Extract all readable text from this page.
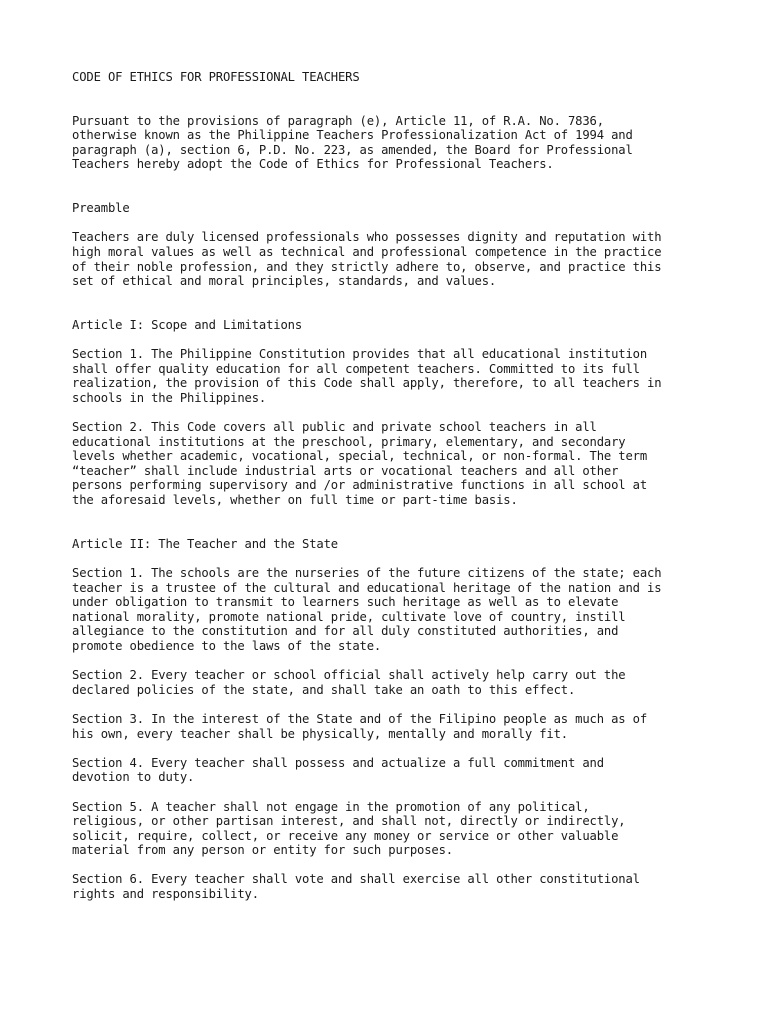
CODE OF ETHICS FOR PROFESSIONAL TEACHERS

Pursuant to the provisions of paragraph (e), Article 11, of R.A. No. 7836,
otherwise known as the Philippine Teachers Professionalization Act of 1994 and
paragraph (a), section 6, P.D. No. 223, as amended, the Board for Professional
Teachers hereby adopt the Code of Ethics for Professional Teachers.

Preamble

Teachers are duly licensed professionals who possesses dignity and reputation with
high moral values as well as technical and professional competence in the practice
of their noble profession, and they strictly adhere to, observe, and practice this
set of ethical and moral principles, standards, and values.

Article I: Scope and Limitations

Section 1. The Philippine Constitution provides that all educational institution
shall offer quality education for all competent teachers. Committed to its full
realization, the provision of this Code shall apply, therefore, to all teachers in
schools in the Philippines.
Section 2. This Code covers all public and private school teachers in all
educational institutions at the preschool, primary, elementary, and secondary
levels whether academic, vocational, special, technical, or non-formal. The term
“teacher” shall include industrial arts or vocational teachers and all other
persons performing supervisory and /or administrative functions in all school at
the aforesaid levels, whether on full time or part-time basis.

Article II: The Teacher and the State

Section 1. The schools are the nurseries of the future citizens of the state; each
teacher is a trustee of the cultural and educational heritage of the nation and is
under obligation to transmit to learners such heritage as well as to elevate
national morality, promote national pride, cultivate love of country, instill
allegiance to the constitution and for all duly constituted authorities, and
promote obedience to the laws of the state.
Section 2. Every teacher or school official shall actively help carry out the
declared policies of the state, and shall take an oath to this effect.
Section 3. In the interest of the State and of the Filipino people as much as of
his own, every teacher shall be physically, mentally and morally fit.
Section 4. Every teacher shall possess and actualize a full commitment and
devotion to duty.
Section 5. A teacher shall not engage in the promotion of any political,
religious, or other partisan interest, and shall not, directly or indirectly,
solicit, require, collect, or receive any money or service or other valuable
material from any person or entity for such purposes.
Section 6. Every teacher shall vote and shall exercise all other constitutional
rights and responsibility.
